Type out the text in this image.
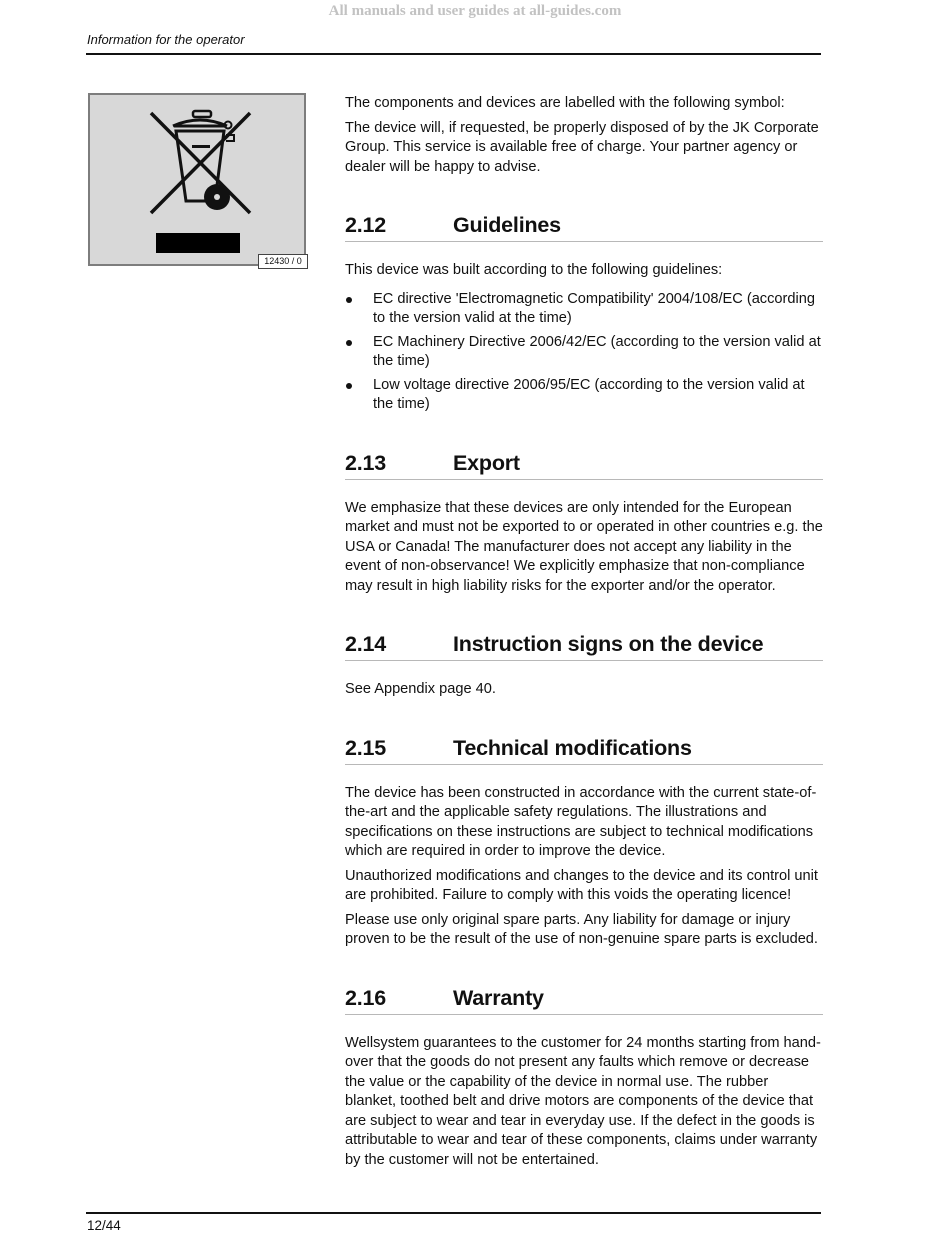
All manuals and user guides at all-guides.com
Information for the operator
12430 / 0

The components and devices are labelled with the following symbol:

The device will, if requested, be properly disposed of by the JK Corporate Group. This service is available free of charge. Your partner agency or dealer will be happy to advise.

2.12	Guidelines

This device was built according to the following guidelines:

EC directive 'Electromagnetic Compatibility' 2004/108/EC (according to the version valid at the time)
EC Machinery Directive 2006/42/EC (according to the version valid at the time)
Low voltage directive 2006/95/EC (according to the version valid at the time)
2.13	Export

We emphasize that these devices are only intended for the European market and must not be exported to or operated in other countries e.g. the USA or Canada! The manufacturer does not accept any liability in the event of non-observance! We explicitly emphasize that non-compliance may result in high liability risks for the exporter and/or the operator.

2.14	Instruction signs on the device

See Appendix page 40.

2.15	Technical modifications

The device has been constructed in accordance with the current state-of-the-art and the applicable safety regulations. The illustrations and specifications on these instructions are subject to technical modifications which are required in order to improve the device.

Unauthorized modifications and changes to the device and its control unit are prohibited. Failure to comply with this voids the operating licence!

Please use only original spare parts. Any liability for damage or injury proven to be the result of the use of non-genuine spare parts is excluded.

2.16	Warranty

Wellsystem guarantees to the customer for 24 months starting from hand-over that the goods do not present any faults which remove or decrease the value or the capability of the device in normal use. The rubber blanket, toothed belt and drive motors are components of the device that are subject to wear and tear in everyday use. If the defect in the goods is attributable to wear and tear of these components, claims under warranty by the customer will not be entertained.

12/44
